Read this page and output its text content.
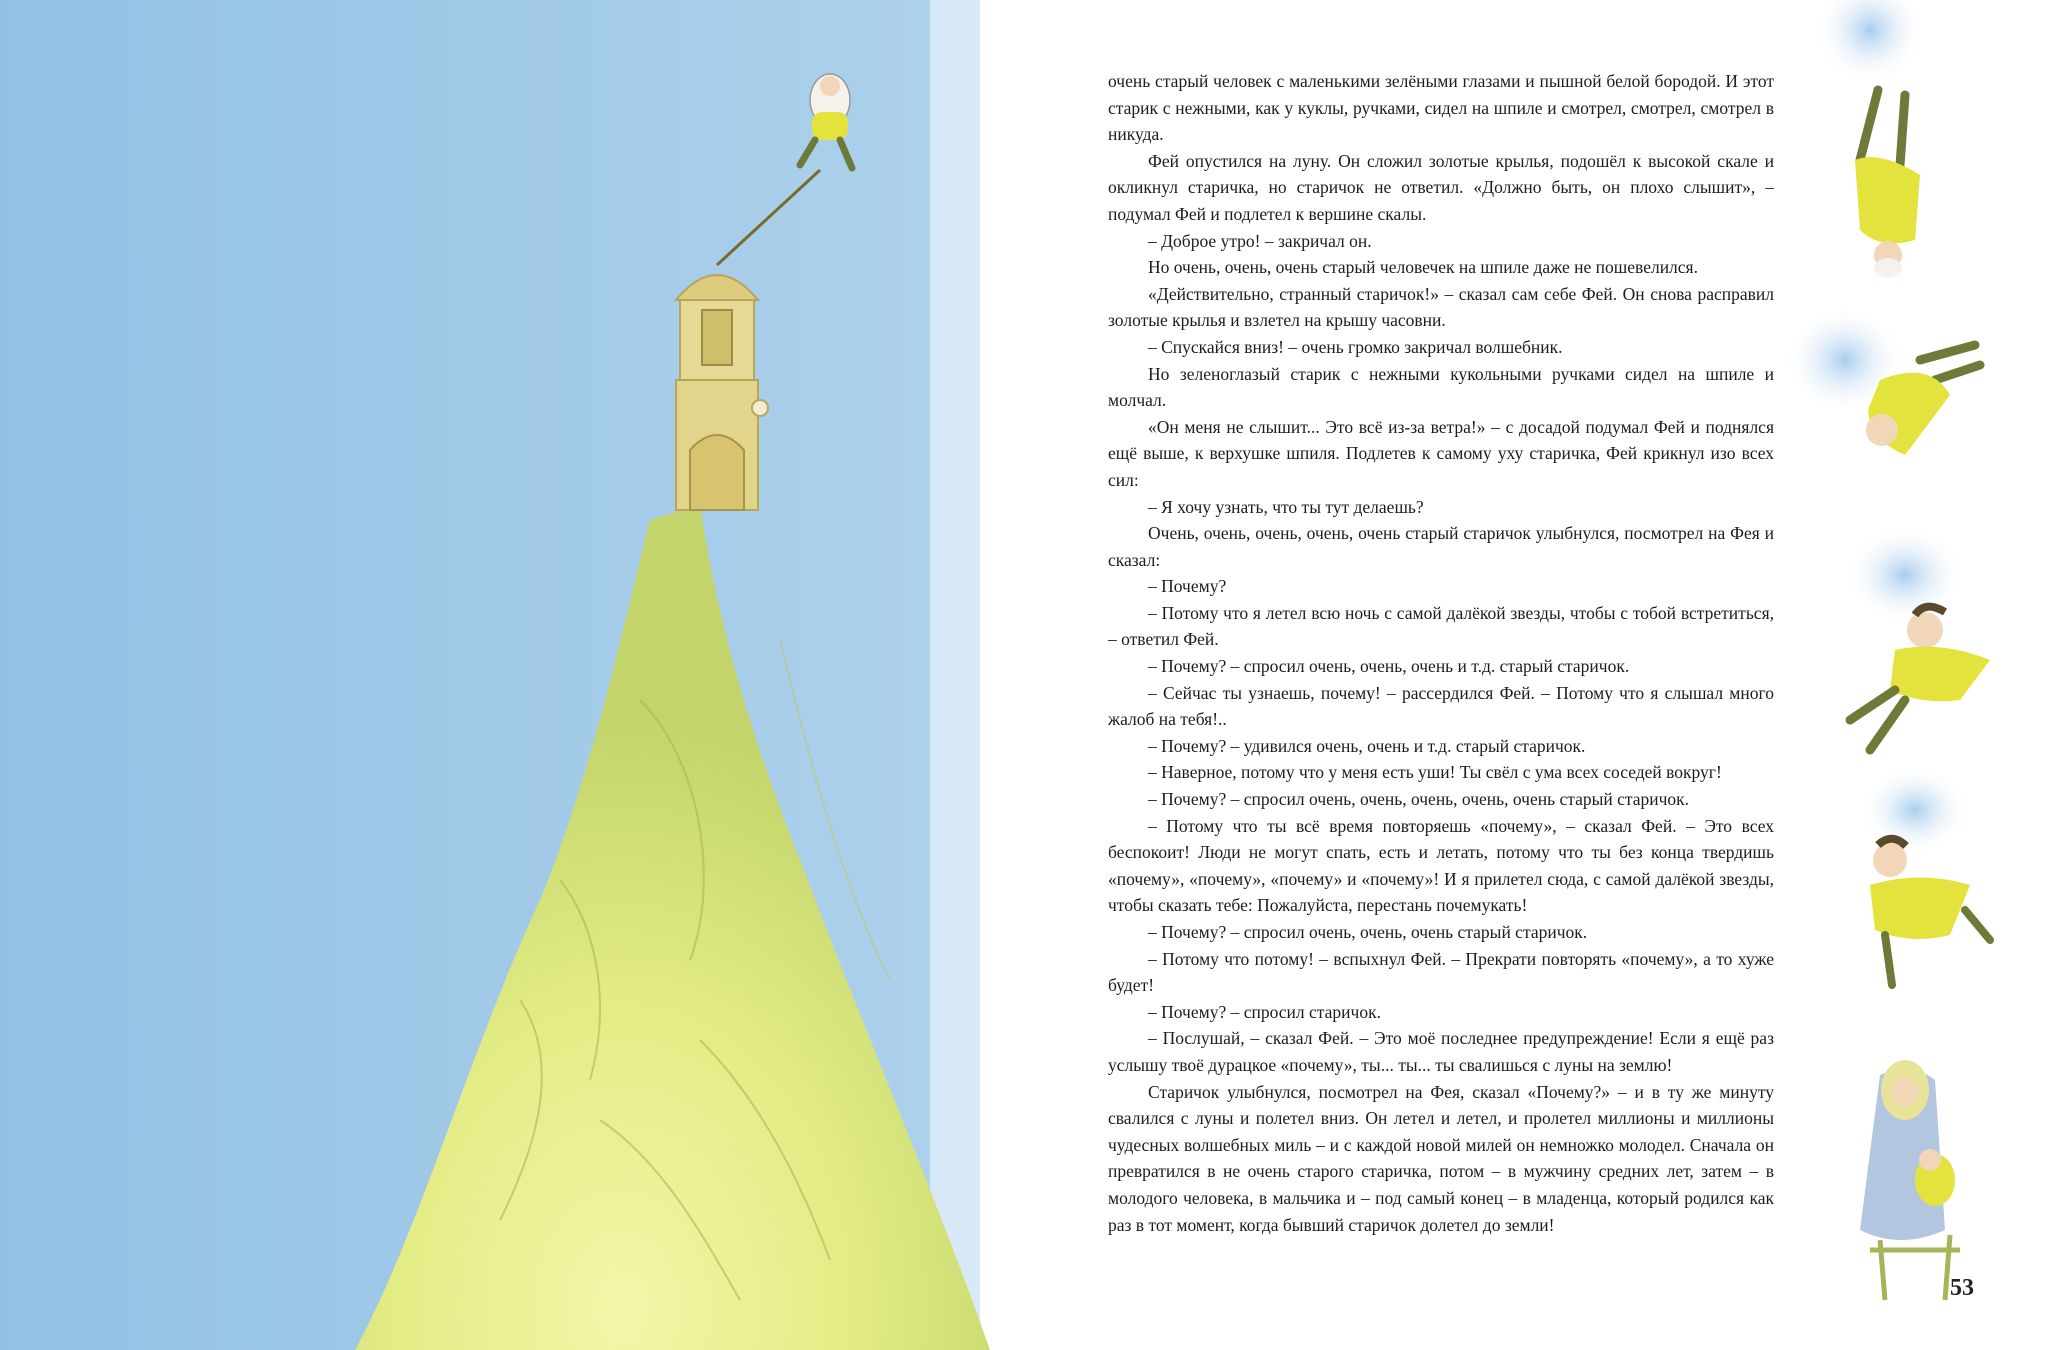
очень старый человек с маленькими зелёными глазами и пышной белой бородой. И этот старик с нежными, как у куклы, ручками, сидел на шпиле и смотрел, смотрел, смотрел в никуда.

Фей опустился на луну. Он сложил золотые крылья, подошёл к высокой скале и окликнул старичка, но старичок не ответил. «Должно быть, он плохо слышит», – подумал Фей и подлетел к вершине скалы.

– Доброе утро! – закричал он.

Но очень, очень, очень старый человечек на шпиле даже не пошевелился.

«Действительно, странный старичок!» – сказал сам себе Фей. Он снова расправил золотые крылья и взлетел на крышу часовни.

– Спускайся вниз! – очень громко закричал волшебник.

Но зеленоглазый старик с нежными кукольными ручками сидел на шпиле и молчал.

«Он меня не слышит... Это всё из-за ветра!» – с досадой подумал Фей и поднялся ещё выше, к верхушке шпиля. Подлетев к самому уху старичка, Фей крикнул изо всех сил:

– Я хочу узнать, что ты тут делаешь?

Очень, очень, очень, очень, очень старый старичок улыбнулся, посмотрел на Фея и сказал:

– Почему?

– Потому что я летел всю ночь с самой далёкой звезды, чтобы с тобой встретиться, – ответил Фей.

– Почему? – спросил очень, очень, очень и т.д. старый старичок.

– Сейчас ты узнаешь, почему! – рассердился Фей. – Потому что я слышал много жалоб на тебя!..

– Почему? – удивился очень, очень и т.д. старый старичок.

– Наверное, потому что у меня есть уши! Ты свёл с ума всех соседей вокруг!

– Почему? – спросил очень, очень, очень, очень, очень старый старичок.

– Потому что ты всё время повторяешь «почему», – сказал Фей. – Это всех беспокоит! Люди не могут спать, есть и летать, потому что ты без конца твердишь «почему», «почему», «почему» и «почему»! И я прилетел сюда, с самой далёкой звезды, чтобы сказать тебе: Пожалуйста, перестань почемукать!

– Почему? – спросил очень, очень, очень старый старичок.

– Потому что потому! – вспыхнул Фей. – Прекрати повторять «почему», а то хуже будет!

– Почему? – спросил старичок.

– Послушай, – сказал Фей. – Это моё последнее предупреждение! Если я ещё раз услышу твоё дурацкое «почему», ты... ты... ты свалишься с луны на землю!

Старичок улыбнулся, посмотрел на Фея, сказал «Почему?» – и в ту же минуту свалился с луны и полетел вниз. Он летел и летел, и пролетел миллионы и миллионы чудесных волшебных миль – и с каждой новой милей он немножко молодел. Сначала он превратился в не очень старого старичка, потом – в мужчину средних лет, затем – в молодого человека, в мальчика и – под самый конец – в младенца, который родился как раз в тот момент, когда бывший старичок долетел до земли!

53
